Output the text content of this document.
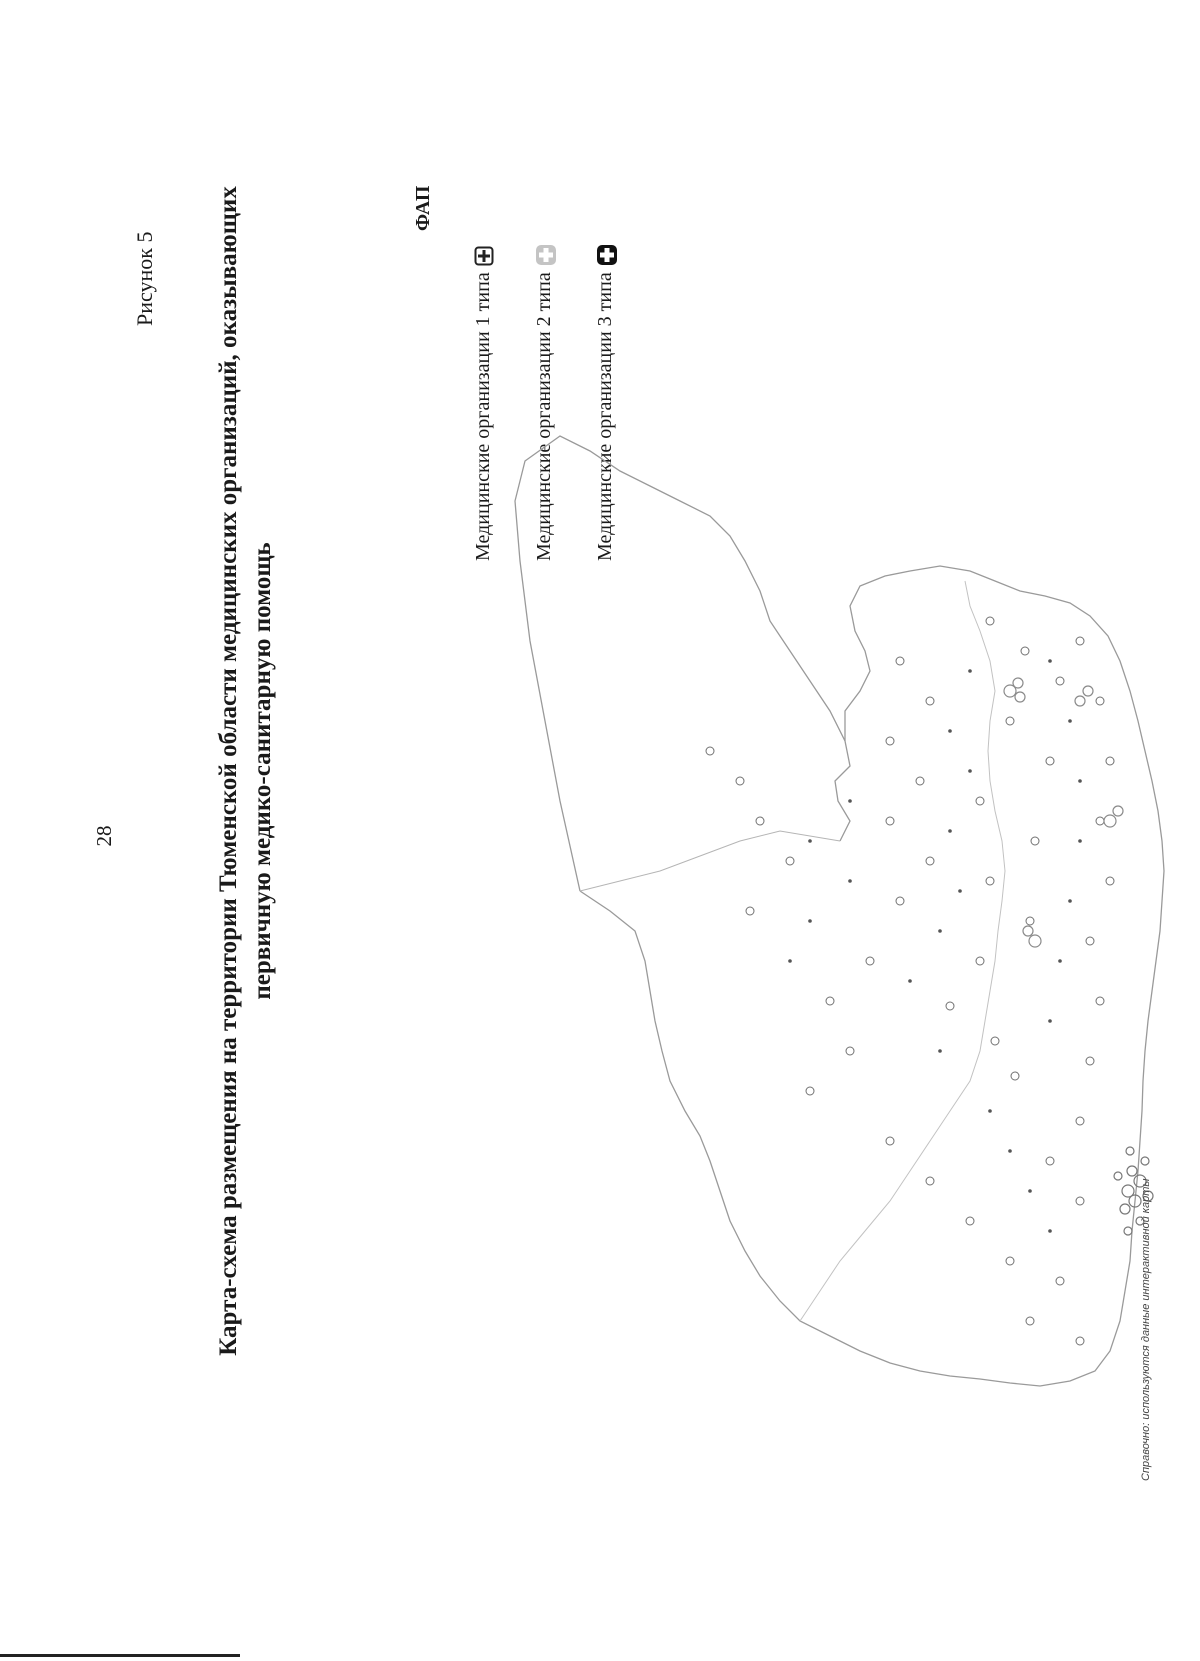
28
Рисунок 5 Карта-схема размещения на территории Тюменской области медицинских организаций, оказывающих первичную медико-санитарную помощь
ФАП
Медицинские организации 1 типа Медицинские организации 2 типа Медицинские организации 3 типа
Справочно: используются данные интерактивной карты
